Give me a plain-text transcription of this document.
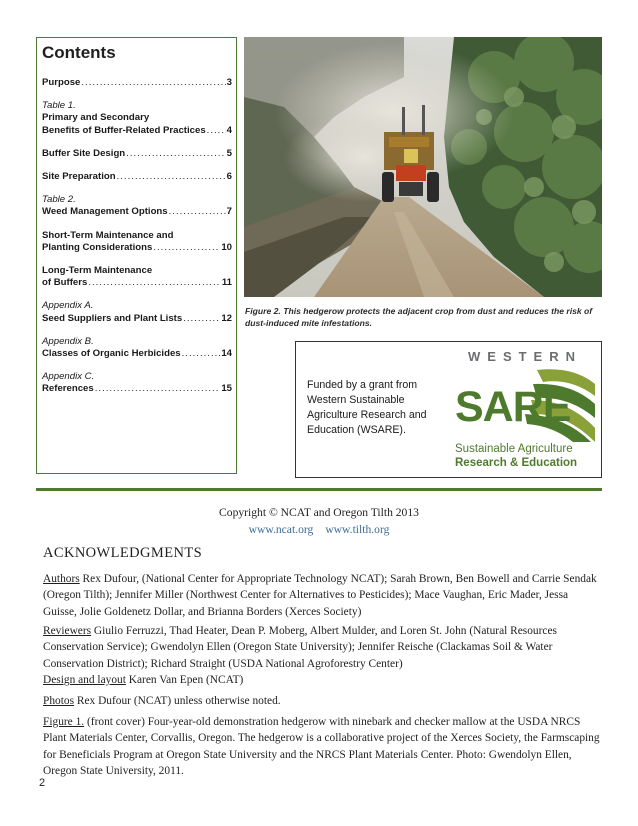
Contents
Purpose .....	3
Table 1.
Primary and Secondary
Benefits of Buffer-Related Practices ..... 4
Buffer Site Design .....	5
Site Preparation .....	6
Table 2.
Weed Management Options .....	7
Short-Term Maintenance and
Planting Considerations .....	10
Long-Term Maintenance
of Buffers .....	11
Appendix A.
Seed Suppliers and Plant Lists .....	12
Appendix B.
Classes of Organic Herbicides .....	14
Appendix C.
References .....	15
Figure 2. This hedgerow protects the adjacent crop from dust and reduces the risk of dust-induced mite infestations.
Funded by a grant from Western Sustainable Agriculture Research and Education (WSARE).
WESTERN
SARE
Sustainable Agriculture
Research & Education
Copyright © NCAT and Oregon Tilth 2013
www.ncat.org www.tilth.org
ACKNOWLEDGMENTS
Authors Rex Dufour, (National Center for Appropriate Technology NCAT); Sarah Brown, Ben Bowell and Carrie Sendak (Oregon Tilth); Jennifer Miller (Northwest Center for Alternatives to Pesticides); Mace Vaughan, Eric Mader, Jessa Guisse, Jolie Goldenetz Dollar, and Brianna Borders (Xerces Society)
Reviewers Giulio Ferruzzi, Thad Heater, Dean P. Moberg, Albert Mulder, and Loren St. John (Natural Resources Conservation Service); Gwendolyn Ellen (Oregon State University); Jennifer Reische (Clackamas Soil & Water Conservation District); Richard Straight (USDA National Agroforestry Center)
Design and layout Karen Van Epen (NCAT)
Photos Rex Dufour (NCAT) unless otherwise noted.
Figure 1. (front cover) Four-year-old demonstration hedgerow with ninebark and checker mallow at the USDA NRCS Plant Materials Center, Corvallis, Oregon. The hedgerow is a collaborative project of the Xerces Society, the Farmscaping for Beneficials Program at Oregon State University and the NRCS Plant Materials Center. Photo: Gwendolyn Ellen, Oregon State University, 2011.
2
